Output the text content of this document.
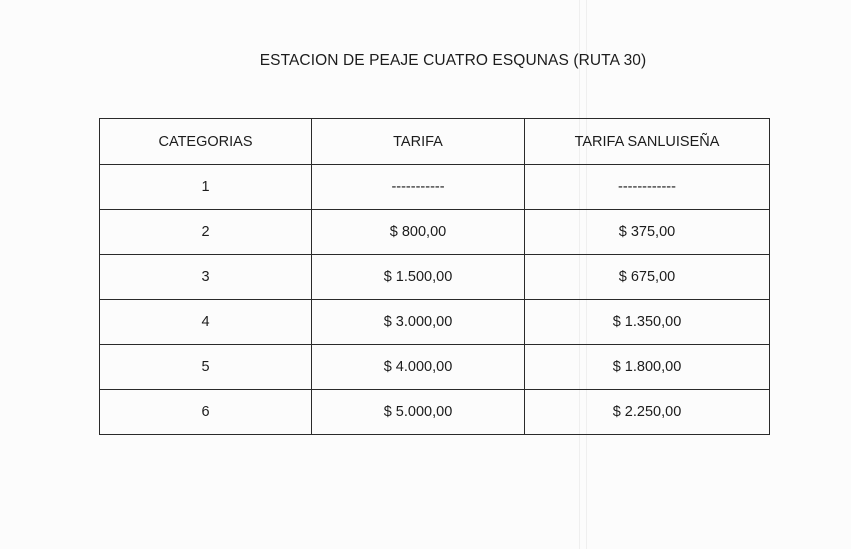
ESTACION DE PEAJE CUATRO ESQUNAS (RUTA 30)
CATEGORIAS	TARIFA	TARIFA SANLUISEÑA
1	-----------	------------
2	$ 800,00	$ 375,00
3	$ 1.500,00	$ 675,00
4	$ 3.000,00	$ 1.350,00
5	$ 4.000,00	$ 1.800,00
6	$ 5.000,00	$ 2.250,00
